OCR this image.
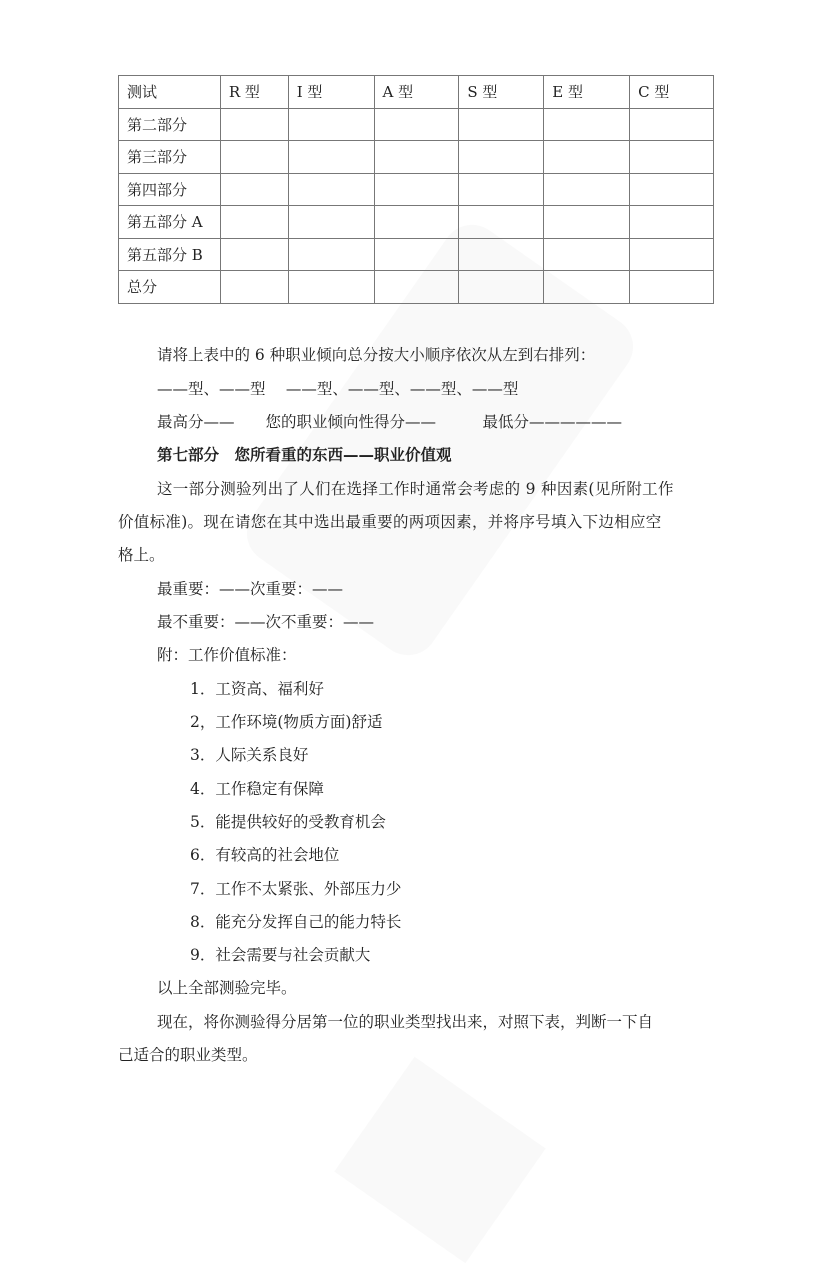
测试	R 型	I 型	A 型	S 型	E 型	C 型
第二部分						
第三部分						
第四部分						
第五部分 A						
第五部分 B						
总分						
请将上表中的 6 种职业倾向总分按大小顺序依次从左到右排列：
——型、——型　 ——型、——型、——型、——型
最高分——　　您的职业倾向性得分——　　　最低分——————
第七部分　您所看重的东西——职业价值观
这一部分测验列出了人们在选择工作时通常会考虑的 9 种因素(见所附工作
价值标准)。现在请您在其中选出最重要的两项因素，并将序号填入下边相应空
格上。
最重要：——次重要：——
最不重要：——次不重要：——
附：工作价值标准：
1．工资高、福利好
2，工作环境(物质方面)舒适
3．人际关系良好
4．工作稳定有保障
5．能提供较好的受教育机会
6．有较高的社会地位
7．工作不太紧张、外部压力少
8．能充分发挥自己的能力特长
9．社会需要与社会贡献大
以上全部测验完毕。
现在，将你测验得分居第一位的职业类型找出来，对照下表，判断一下自
己适合的职业类型。
